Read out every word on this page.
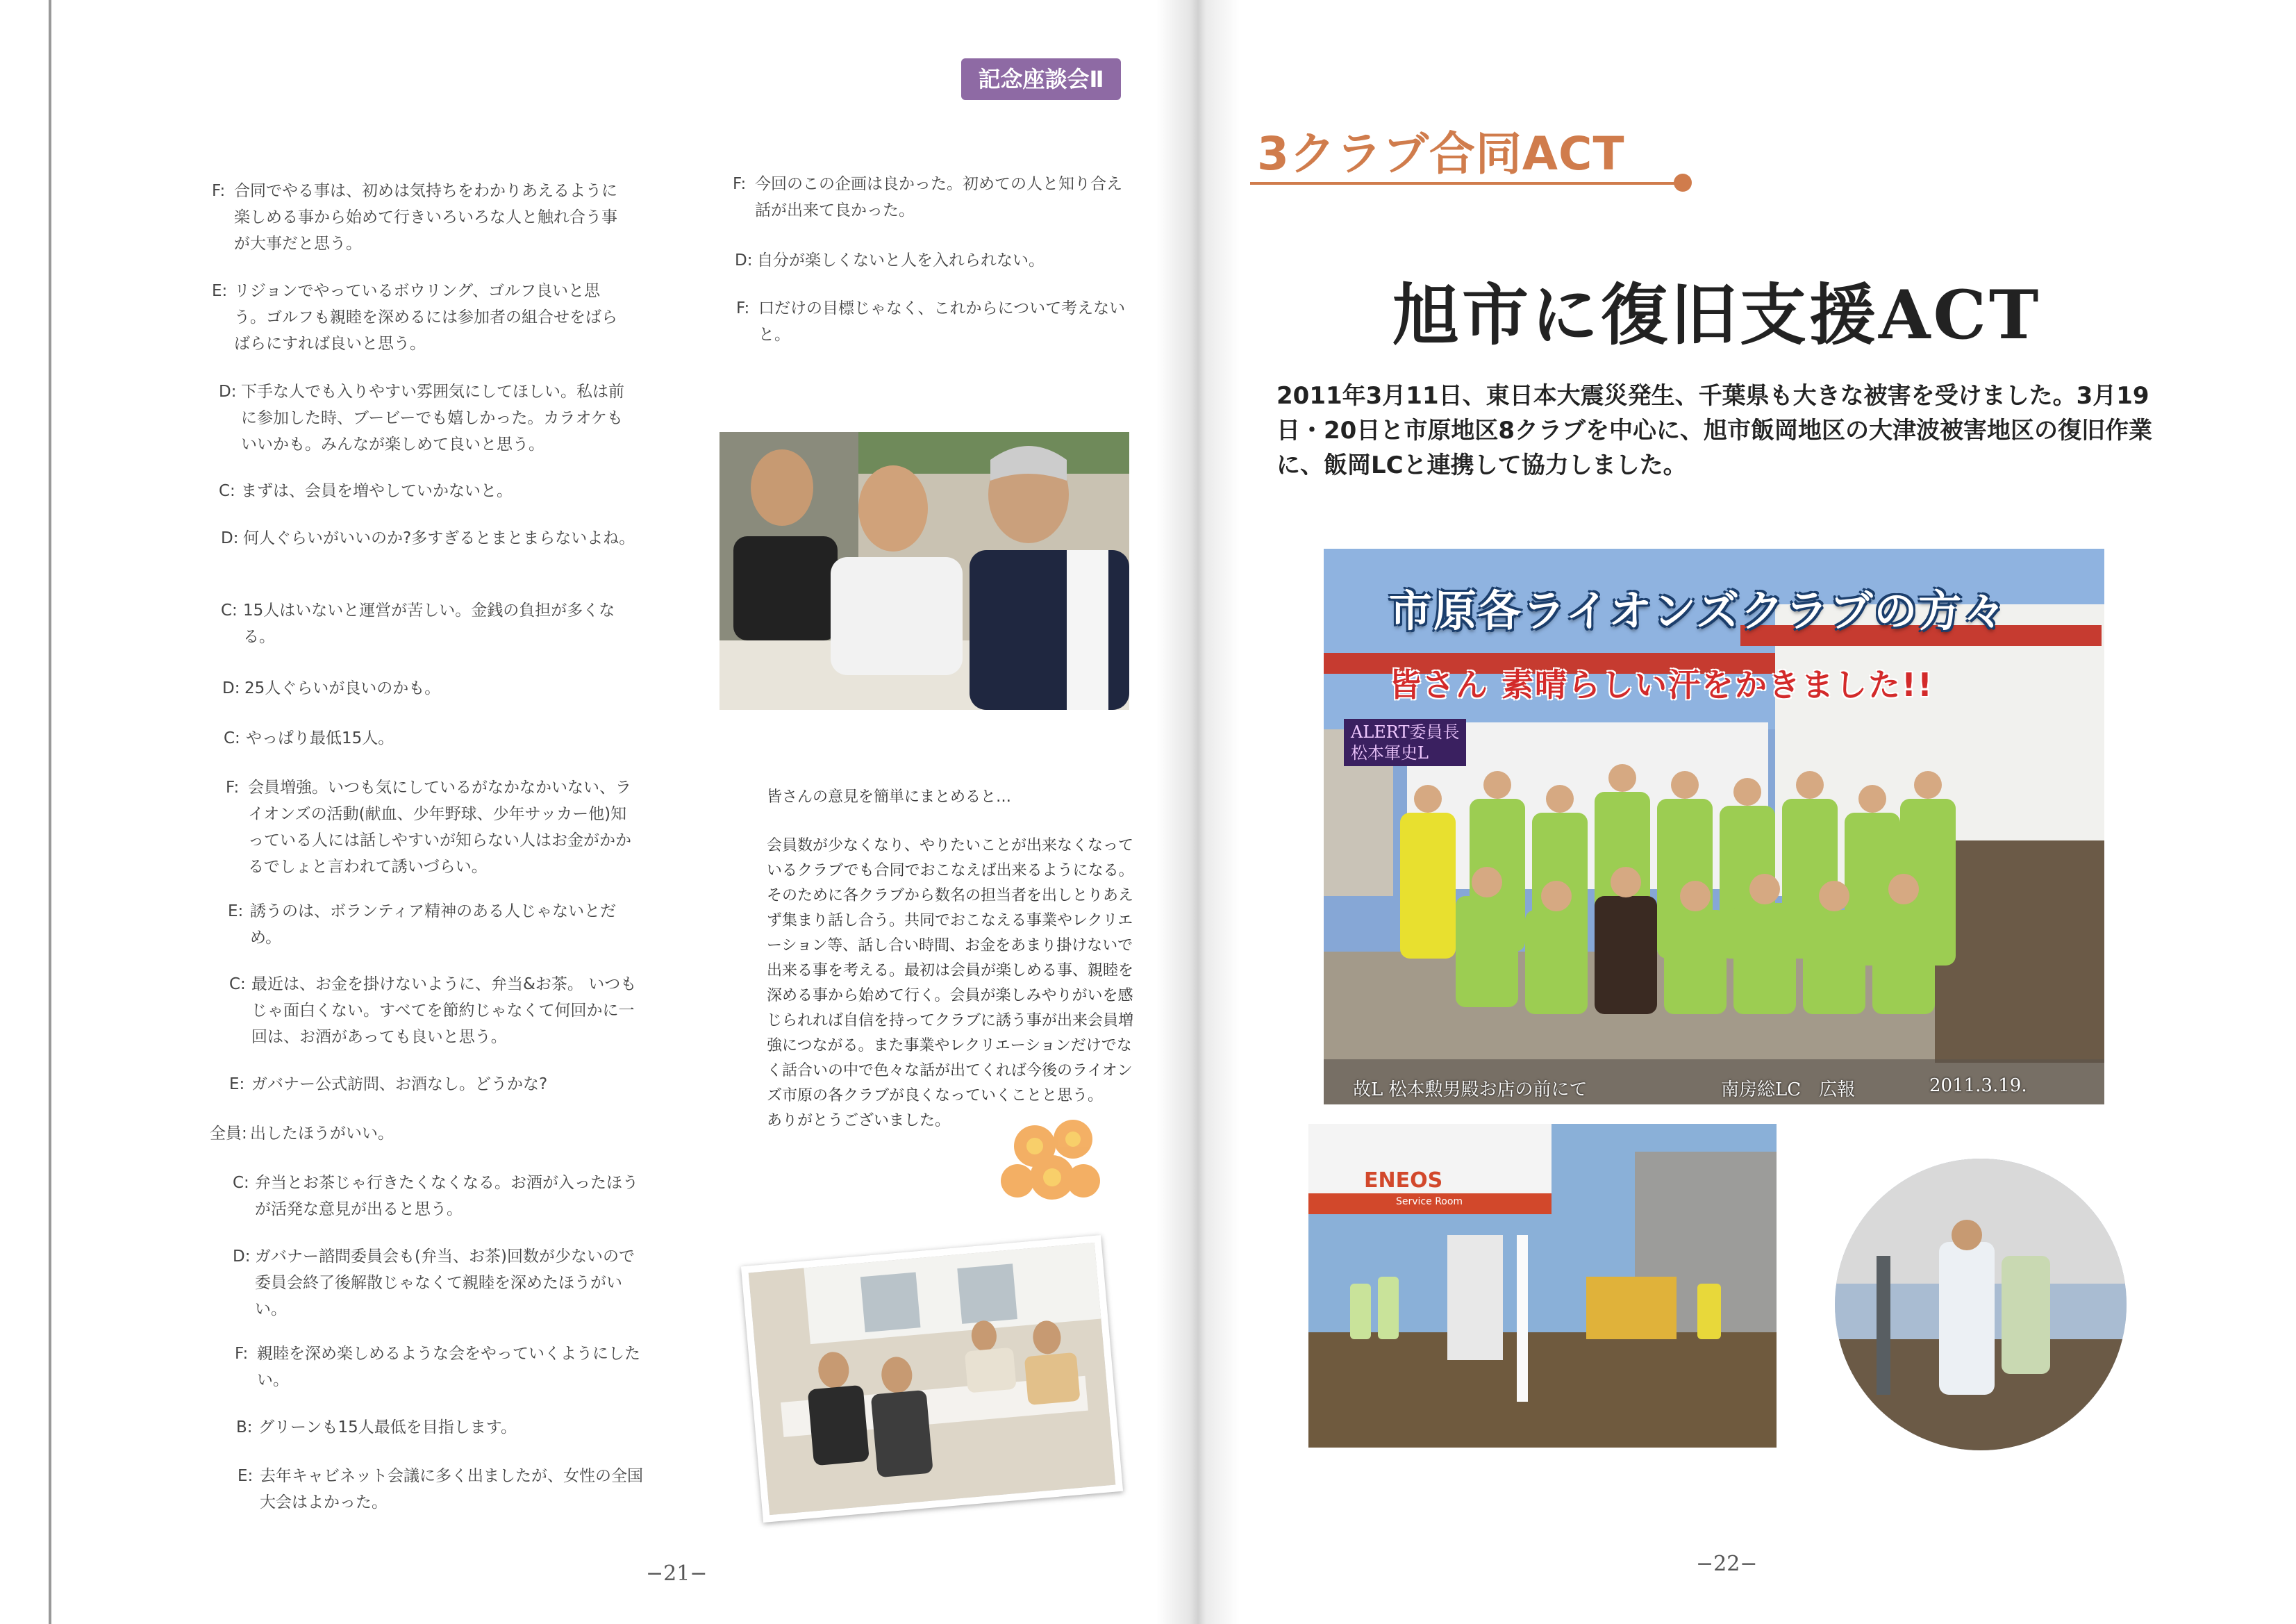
記念座談会Ⅱ
F: 合同でやる事は、初めは気持ちをわかりあえるように楽しめる事から始めて行きいろいろな人と触れ合う事が大事だと思う。
E: リジョンでやっているボウリング、ゴルフ良いと思う。ゴルフも親睦を深めるには参加者の組合せをばらばらにすれば良いと思う。
D: 下手な人でも入りやすい雰囲気にしてほしい。私は前に参加した時、ブービーでも嬉しかった。カラオケもいいかも。みんなが楽しめて良いと思う。
C: まずは、会員を増やしていかないと。
D: 何人ぐらいがいいのか?多すぎるとまとまらないよね。
C: 15人はいないと運営が苦しい。金銭の負担が多くなる。
D: 25人ぐらいが良いのかも。
C: やっぱり最低15人。
F: 会員増強。いつも気にしているがなかなかいない、ライオンズの活動(献血、少年野球、少年サッカー他)知っている人には話しやすいが知らない人はお金がかかるでしょと言われて誘いづらい。
E: 誘うのは、ボランティア精神のある人じゃないとだめ。
C: 最近は、お金を掛けないように、弁当&お茶。 いつもじゃ面白くない。すべてを節約じゃなくて何回かに一回は、お酒があっても良いと思う。
E: ガバナー公式訪問、お酒なし。どうかな?
全員: 出したほうがいい。
C: 弁当とお茶じゃ行きたくなくなる。お酒が入ったほうが活発な意見が出ると思う。
D: ガバナー諮問委員会も(弁当、お茶)回数が少ないので委員会終了後解散じゃなくて親睦を深めたほうがいい。
F: 親睦を深め楽しめるような会をやっていくようにしたい。
B: グリーンも15人最低を目指します。
E: 去年キャビネット会議に多く出ましたが、女性の全国大会はよかった。
F: 今回のこの企画は良かった。初めての人と知り合え話が出来て良かった。
D: 自分が楽しくないと人を入れられない。
F: 口だけの目標じゃなく、これからについて考えないと。

皆さんの意見を簡単にまとめると…

会員数が少なくなり、やりたいことが出来なくなっているクラブでも合同でおこなえば出来るようになる。そのために各クラブから数名の担当者を出しとりあえず集まり話し合う。共同でおこなえる事業やレクリエーション等、話し合い時間、お金をあまり掛けないで出来る事を考える。最初は会員が楽しめる事、親睦を深める事から始めて行く。会員が楽しみやりがいを感じられれば自信を持ってクラブに誘う事が出来会員増強につながる。また事業やレクリエーションだけでなく話合いの中で色々な話が出てくれば今後のライオンズ市原の各クラブが良くなっていくことと思う。

ありがとうございました。

−21−
3クラブ合同ACT
旭市に復旧支援ACT
2011年3月11日、東日本大震災発生、千葉県も大きな被害を受けました。3月19日・20日と市原地区8クラブを中心に、旭市飯岡地区の大津波被害地区の復旧作業に、飯岡LCと連携して協力しました。
市原各ライオンズクラブの方々
皆さん 素晴らしい汗をかきました!!
ALERT委員長
松本軍史L
故L 松本勲男殿お店の前にて	南房総LC　広報	2011.3.19.
ENEOS
Service Room
−22−
